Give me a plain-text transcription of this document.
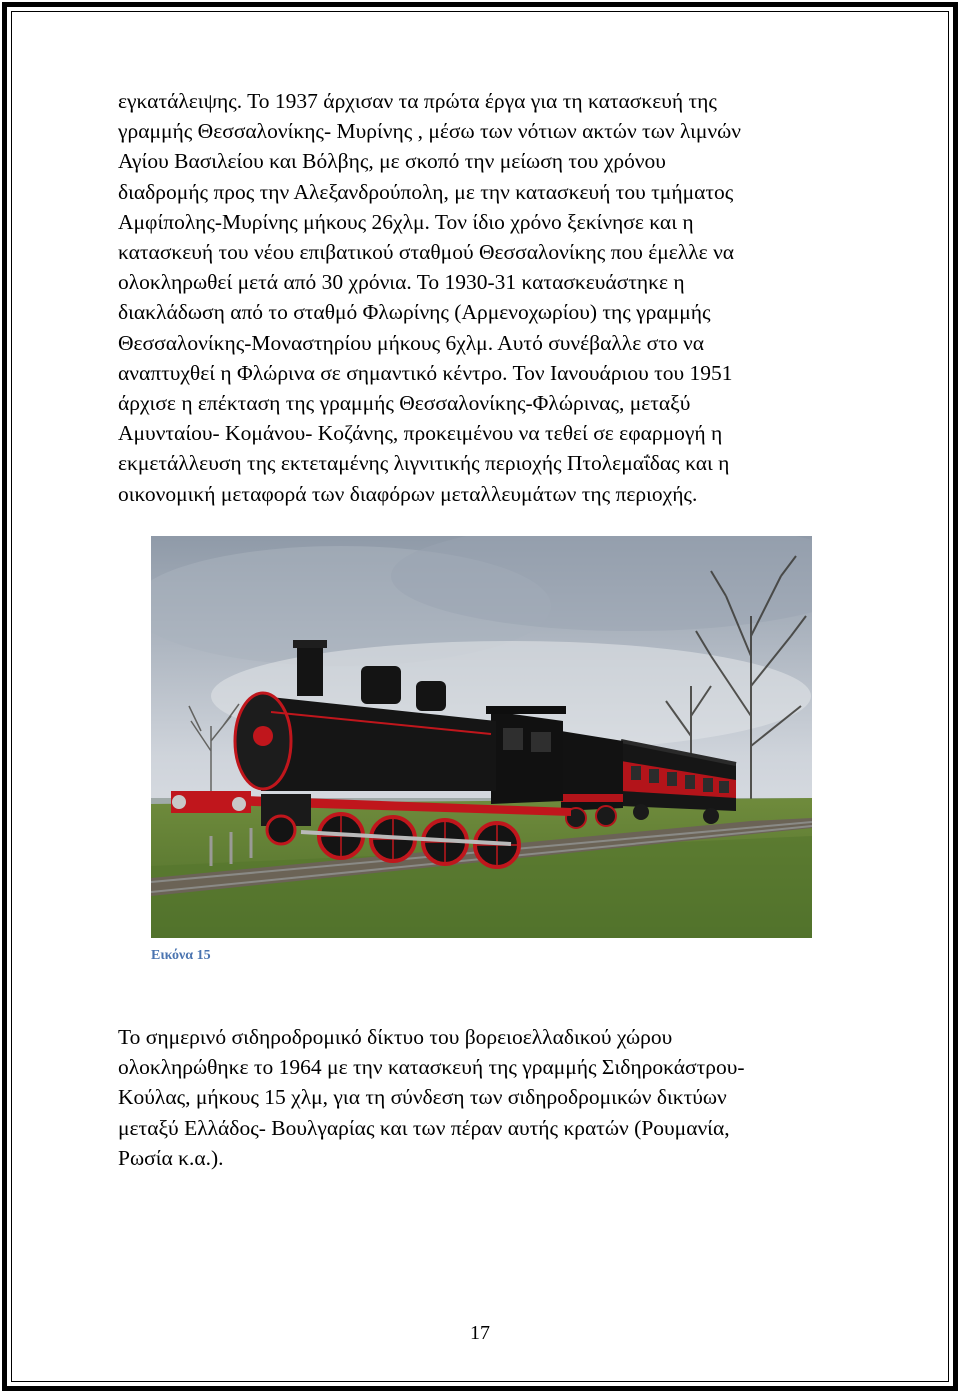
εγκατάλειψης. Το 1937 άρχισαν τα πρώτα έργα για τη κατασκευή της
γραμμής Θεσσαλονίκης- Μυρίνης , μέσω των νότιων ακτών των λιμνών
Αγίου Βασιλείου και Βόλβης, με σκοπό την μείωση του χρόνου
διαδρομής προς την Αλεξανδρούπολη, με την κατασκευή του τμήματος
Αμφίπολης-Μυρίνης μήκους 26χλμ. Τον ίδιο χρόνο ξεκίνησε και η
κατασκευή του νέου επιβατικού σταθμού Θεσσαλονίκης που έμελλε να
ολοκληρωθεί μετά από 30 χρόνια. Το 1930-31 κατασκευάστηκε η
διακλάδωση από το σταθμό Φλωρίνης (Αρμενοχωρίου) της γραμμής
Θεσσαλονίκης-Μοναστηρίου μήκους 6χλμ. Αυτό συνέβαλλε στο να
αναπτυχθεί η Φλώρινα σε σημαντικό κέντρο. Τον Ιανουάριου του 1951
άρχισε η επέκταση της γραμμής Θεσσαλονίκης-Φλώρινας, μεταξύ
Αμυνταίου- Κομάνου- Κοζάνης, προκειμένου να τεθεί σε εφαρμογή η
εκμετάλλευση της εκτεταμένης λιγνιτικής περιοχής Πτολεμαΐδας και η
οικονομική μεταφορά των διαφόρων μεταλλευμάτων της περιοχής.

Εικόνα 15

Το σημερινό σιδηροδρομικό δίκτυο του βορειοελλαδικού χώρου
ολοκληρώθηκε το 1964 με την κατασκευή της γραμμής Σιδηροκάστρου-
Κούλας, μήκους 15 χλμ, για τη σύνδεση των σιδηροδρομικών δικτύων
μεταξύ Ελλάδος- Βουλγαρίας και των πέραν αυτής κρατών (Ρουμανία,
Ρωσία κ.α.).

17
